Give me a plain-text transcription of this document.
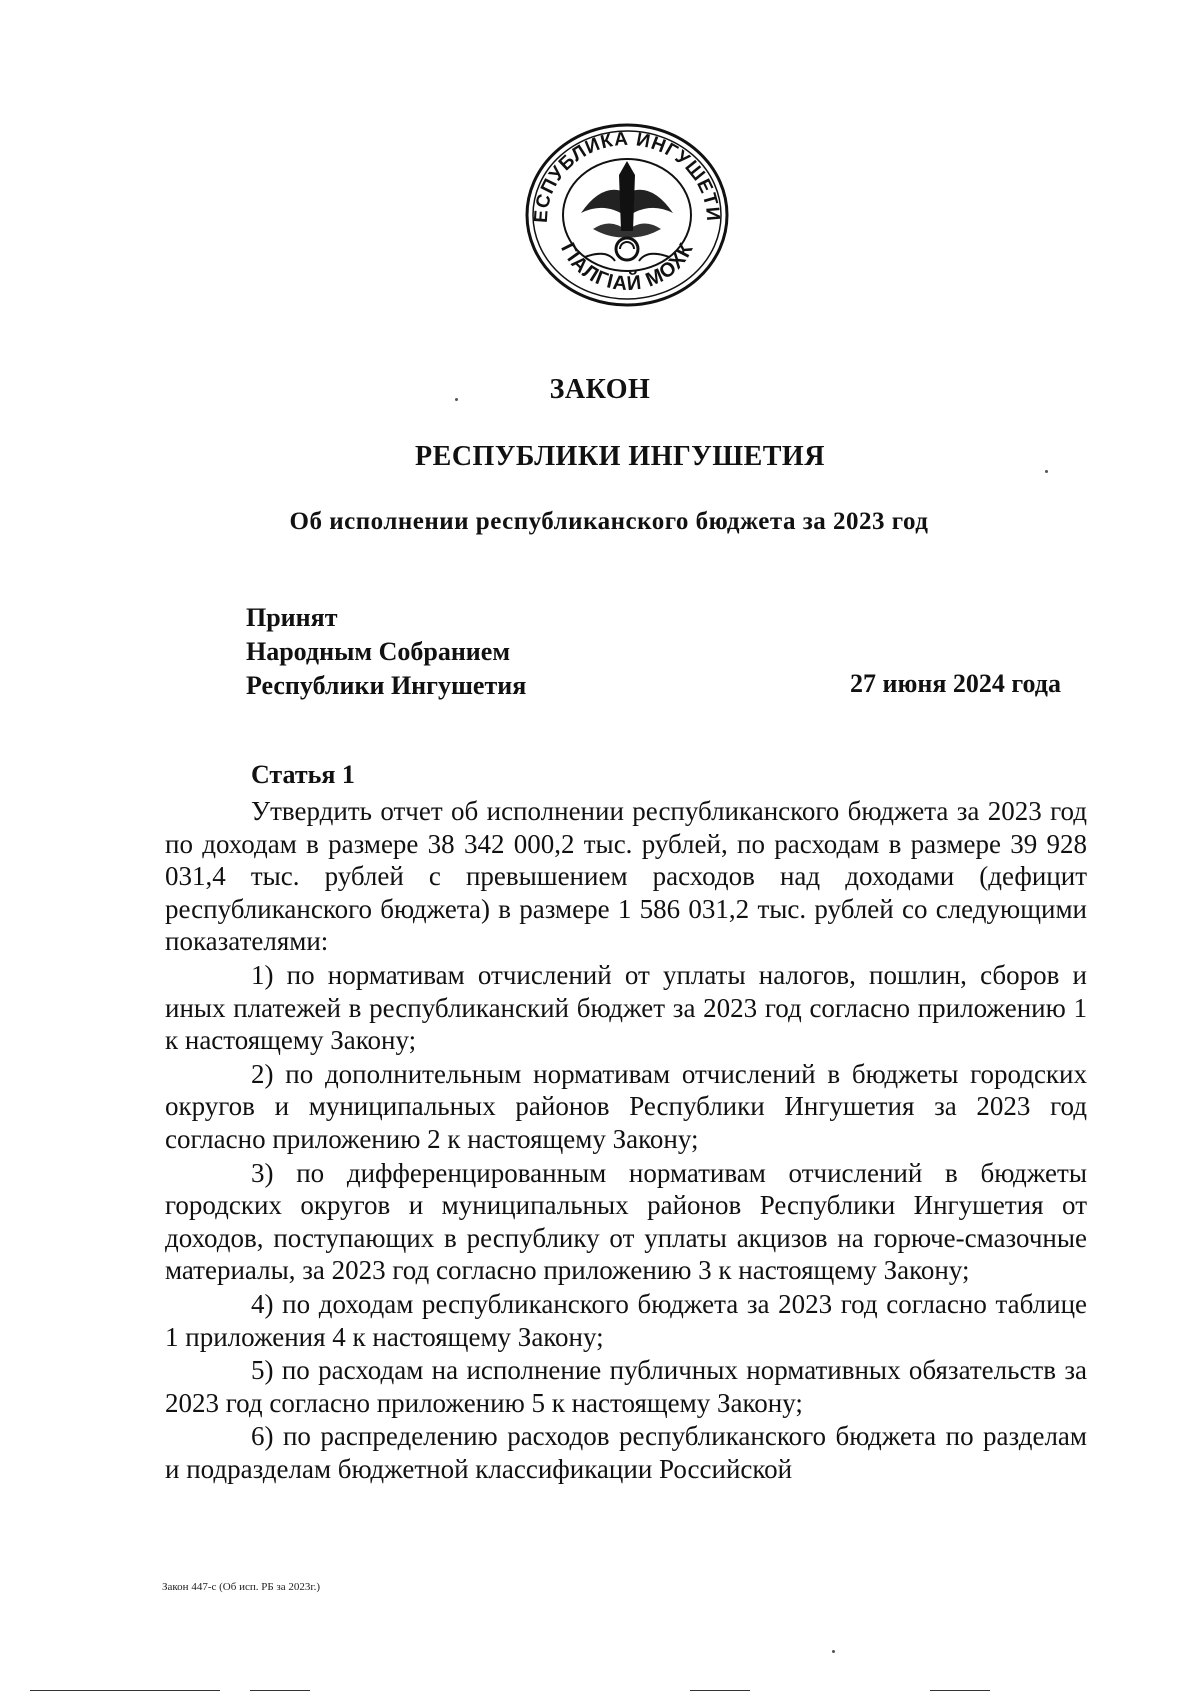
ЕСПУБЛИКА ИНГУШЕТИ
ГIАЛГIАЙ МОХК
ЗАКОН
РЕСПУБЛИКИ ИНГУШЕТИЯ
Об исполнении республиканского бюджета за 2023 год
Принят
Народным Собранием
Республики Ингушетия	27 июня 2024 года
Статья 1

Утвердить отчет об исполнении республиканского бюджета за 2023 год по доходам в размере 38 342 000,2 тыс. рублей, по расходам в размере 39 928 031,4 тыс. рублей с превышением расходов над доходами (дефицит республиканского бюджета) в размере 1 586 031,2 тыс. рублей со следующими показателями:

1) по нормативам отчислений от уплаты налогов, пошлин, сборов и иных платежей в республиканский бюджет за 2023 год согласно приложению 1 к настоящему Закону;

2) по дополнительным нормативам отчислений в бюджеты городских округов и муниципальных районов Республики Ингушетия за 2023 год согласно приложению 2 к настоящему Закону;

3) по дифференцированным нормативам отчислений в бюджеты городских округов и муниципальных районов Республики Ингушетия от доходов, поступающих в республику от уплаты акцизов на горюче-смазочные материалы, за 2023 год согласно приложению 3 к настоящему Закону;

4) по доходам республиканского бюджета за 2023 год согласно таблице 1 приложения 4 к настоящему Закону;

5) по расходам на исполнение публичных нормативных обязательств за 2023 год согласно приложению 5 к настоящему Закону;

6) по распределению расходов республиканского бюджета по разделам и подразделам бюджетной классификации Российской

Закон 447-с (Об исп. РБ за 2023г.)
